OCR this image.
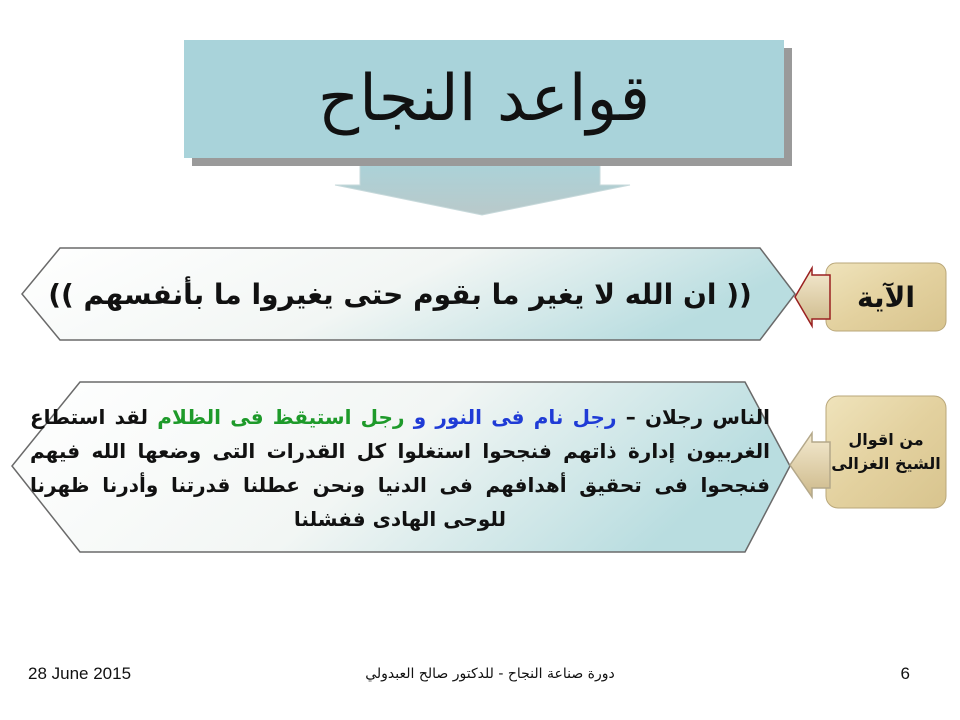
قواعد النجاح
(( ان الله لا يغير ما بقوم حتى يغيروا ما بأنفسهم ))

الناس رجلان – رجل نام فى النور و رجل استيقظ فى الظلام لقد استطاع الغربيون إدارة ذاتهم فنجحوا استغلوا كل القدرات التى وضعها الله فيهم فنجحوا فى تحقيق أهدافهم فى الدنيا ونحن عطلنا قدرتنا وأدرنا ظهرنا للوحى الهادى ففشلنا

الآية
من اقوال
الشيخ الغزالى
28 June 2015	دورة صناعة النجاح - للدكتور صالح العبدولي	6
